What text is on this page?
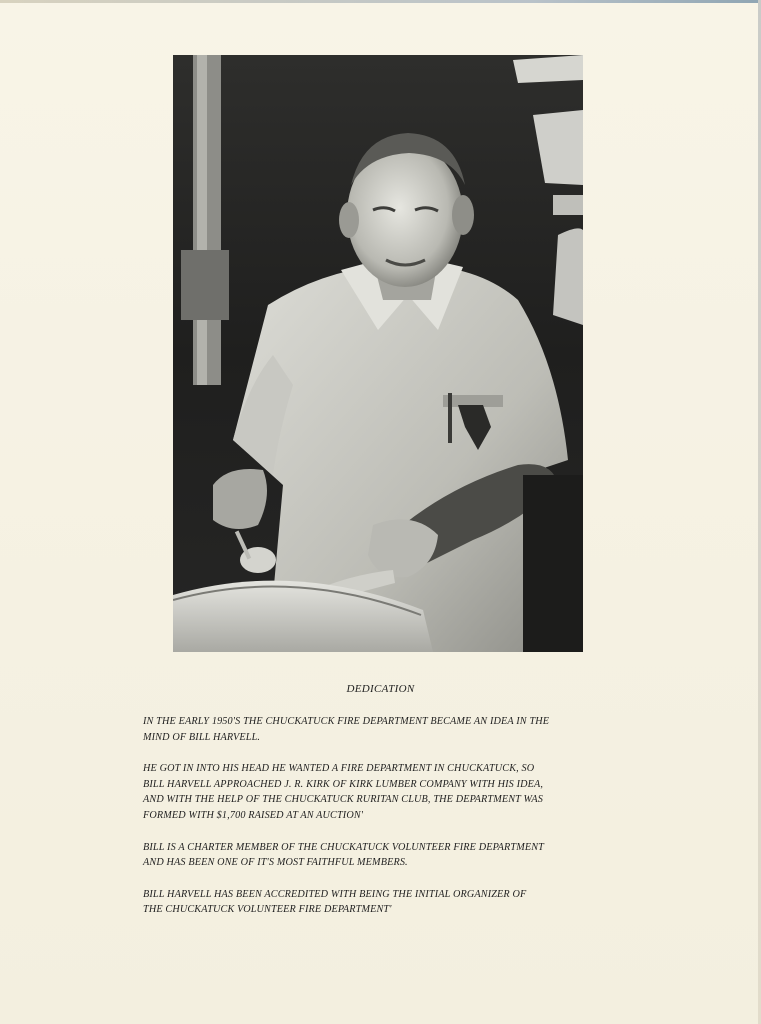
DEDICATION

IN THE EARLY 1950'S THE CHUCKATUCK FIRE DEPARTMENT BECAME AN IDEA IN THE
MIND OF BILL HARVELL.

HE GOT IN INTO HIS HEAD HE WANTED A FIRE DEPARTMENT IN CHUCKATUCK, SO
BILL HARVELL APPROACHED J. R. KIRK OF KIRK LUMBER COMPANY WITH HIS IDEA,
AND WITH THE HELP OF THE CHUCKATUCK RURITAN CLUB, THE DEPARTMENT WAS
FORMED WITH $1,700 RAISED AT AN AUCTION'

BILL IS A CHARTER MEMBER OF THE CHUCKATUCK VOLUNTEER FIRE DEPARTMENT
AND HAS BEEN ONE OF IT'S MOST FAITHFUL MEMBERS.

BILL HARVELL HAS BEEN ACCREDITED WITH BEING THE INITIAL ORGANIZER OF
THE CHUCKATUCK VOLUNTEER FIRE DEPARTMENT'
